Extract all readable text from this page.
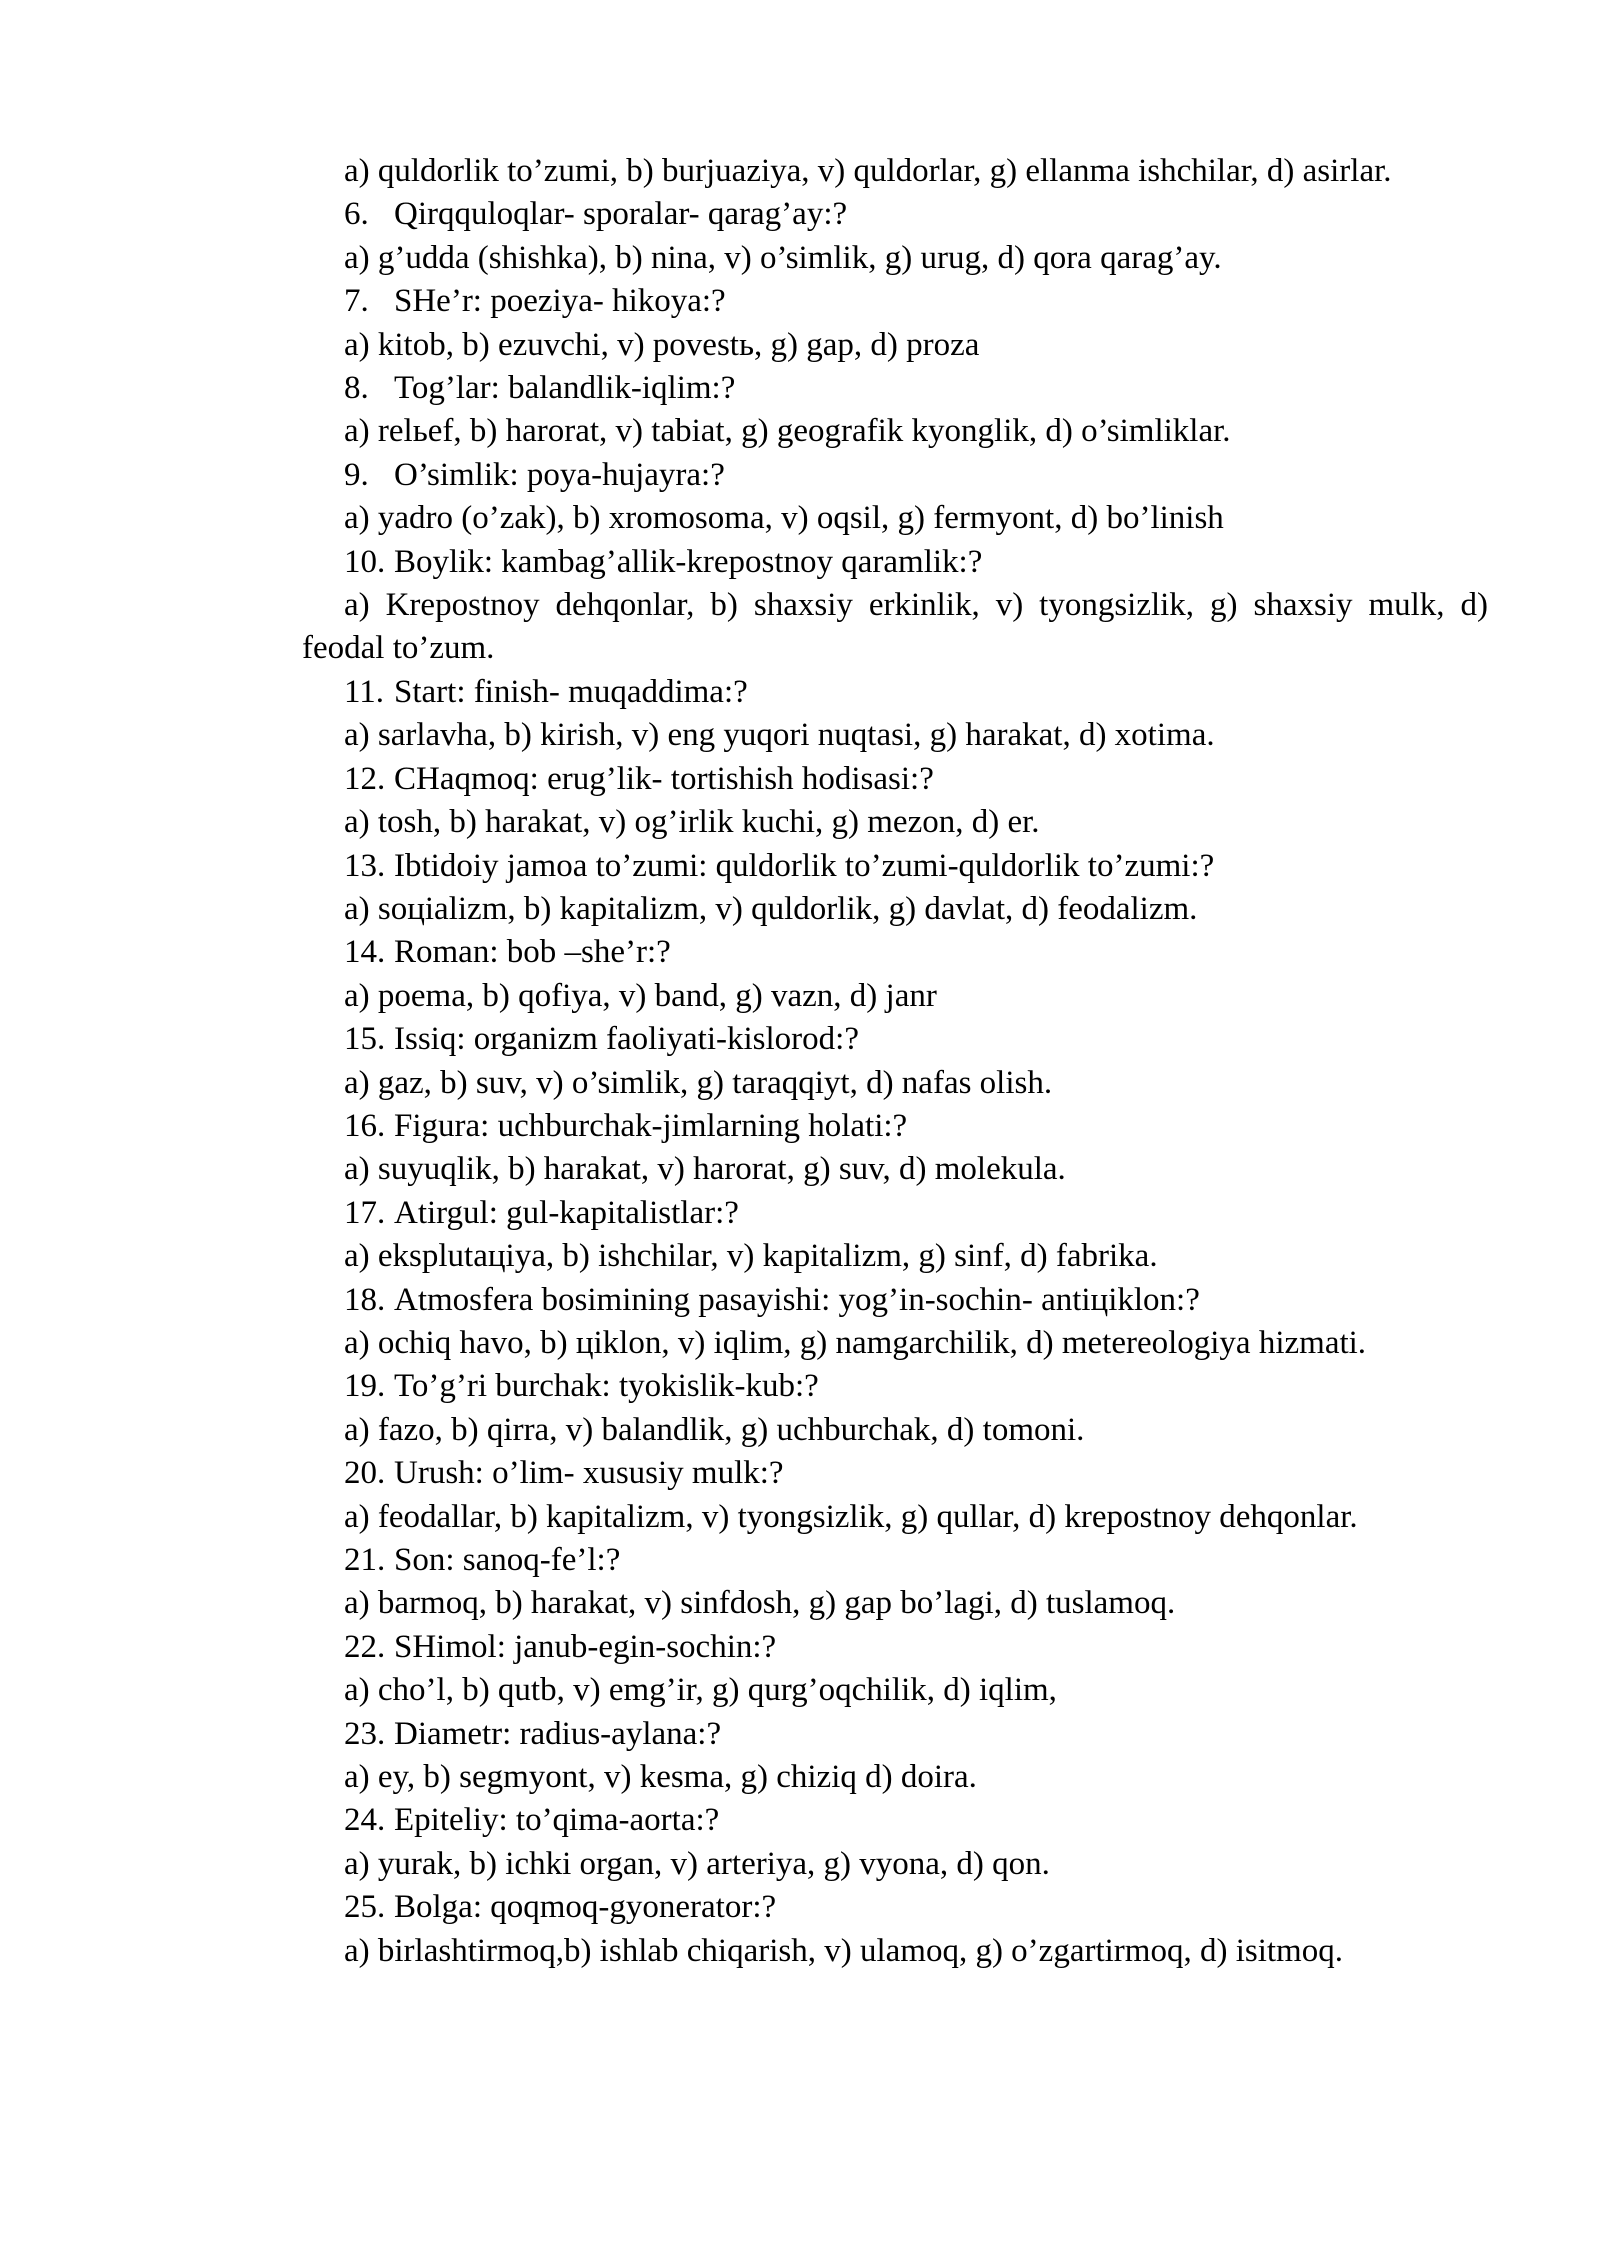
a) quldorlik to’zumi, b) burjuaziya, v) quldorlar, g) ellanma ishchilar, d) asirlar.

6. Qirqquloqlar- sporalar- qarag’ay:?

a) g’udda (shishka), b) nina, v) o’simlik, g) urug, d) qora qarag’ay.

7. SHe’r: poeziya- hikoya:?

a) kitob, b) ezuvchi, v) povestь, g) gap, d) proza

8. Tog’lar: balandlik-iqlim:?

a) relьef, b) harorat, v) tabiat, g) geografik kyonglik, d) o’simliklar.

9. O’simlik: poya-hujayra:?

a) yadro (o’zak), b) xromosoma, v) oqsil, g) fermyont, d) bo’linish

10. Boylik: kambag’allik-krepostnoy qaramlik:?

a) Krepostnoy dehqonlar, b) shaxsiy erkinlik, v) tyongsizlik, g) shaxsiy mulk, d) feodal to’zum.

11. Start: finish- muqaddima:?

a) sarlavha, b) kirish, v) eng yuqori nuqtasi, g) harakat, d) xotima.

12. CHaqmoq: erug’lik- tortishish hodisasi:?

a) tosh, b) harakat, v) og’irlik kuchi, g) mezon, d) er.

13. Ibtidoiy jamoa to’zumi: quldorlik to’zumi-quldorlik to’zumi:?

a) soцializm, b) kapitalizm, v) quldorlik, g) davlat, d) feodalizm.

14. Roman: bob –she’r:?

a) poema, b) qofiya, v) band, g) vazn, d) janr

15. Issiq: organizm faoliyati-kislorod:?

a) gaz, b) suv, v) o’simlik, g) taraqqiyt, d) nafas olish.

16. Figura: uchburchak-jimlarning holati:?

a) suyuqlik, b) harakat, v) harorat, g) suv, d) molekula.

17. Atirgul: gul-kapitalistlar:?

a) eksplutaцiya, b) ishchilar, v) kapitalizm, g) sinf, d) fabrika.

18. Atmosfera bosimining pasayishi: yog’in-sochin- antiцiklon:?

a) ochiq havo, b) цiklon, v) iqlim, g) namgarchilik, d) metereologiya hizmati.

19. To’g’ri burchak: tyokislik-kub:?

a) fazo, b) qirra, v) balandlik, g) uchburchak, d) tomoni.

20. Urush: o’lim- xususiy mulk:?

a) feodallar, b) kapitalizm, v) tyongsizlik, g) qullar, d) krepostnoy dehqonlar.

21. Son: sanoq-fe’l:?

a) barmoq, b) harakat, v) sinfdosh, g) gap bo’lagi, d) tuslamoq.

22. SHimol: janub-egin-sochin:?

a) cho’l, b) qutb, v) emg’ir, g) qurg’oqchilik, d) iqlim,

23. Diametr: radius-aylana:?

a) ey, b) segmyont, v) kesma, g) chiziq d) doira.

24. Epiteliy: to’qima-aorta:?

a) yurak, b) ichki organ, v) arteriya, g) vyona, d) qon.

25. Bolga: qoqmoq-gyonerator:?

a) birlashtirmoq,b) ishlab chiqarish, v) ulamoq, g) o’zgartirmoq, d) isitmoq.
